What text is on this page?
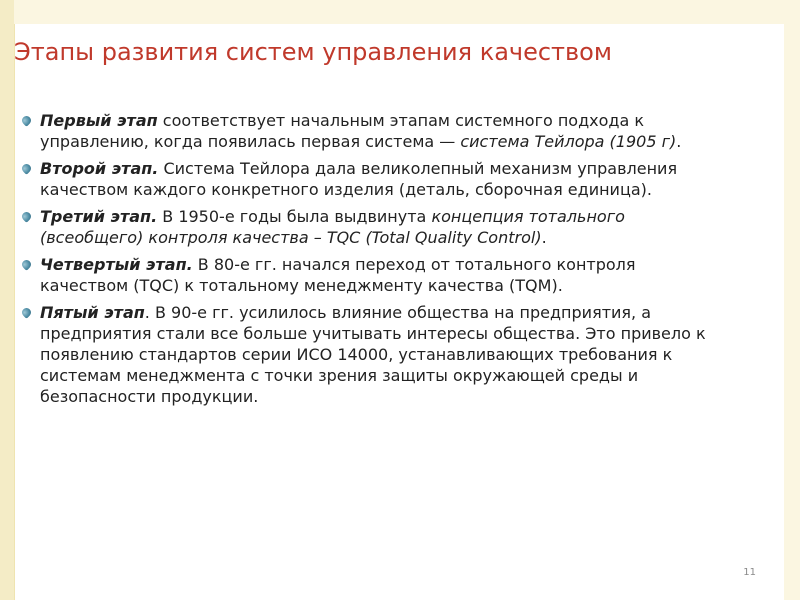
Этапы развития систем управления качеством
Первый этап соответствует начальным этапам системного подхода к управлению, когда появилась первая система — система Тейлора (1905 г).
Второй этап. Система Тейлора дала великолепный механизм управления качеством каждого конкретного изделия (деталь, сборочная единица).
Третий этап. В 1950-е годы была выдвинута концепция тотального (всеобщего) контроля качества – TQC (Total Quality Control).
Четвертый этап. В 80-е гг. начался переход от тотального контроля качеством (TQC) к тотальному менеджменту качества (TQM).
Пятый этап. В 90-е гг. усилилось влияние общества на предприятия, а предприятия стали все больше учитывать интересы общества. Это привело к появлению стандартов серии ИСО 14000, устанавливающих требования к системам менеджмента с точки зрения защиты окружающей среды и безопасности продукции.
11
